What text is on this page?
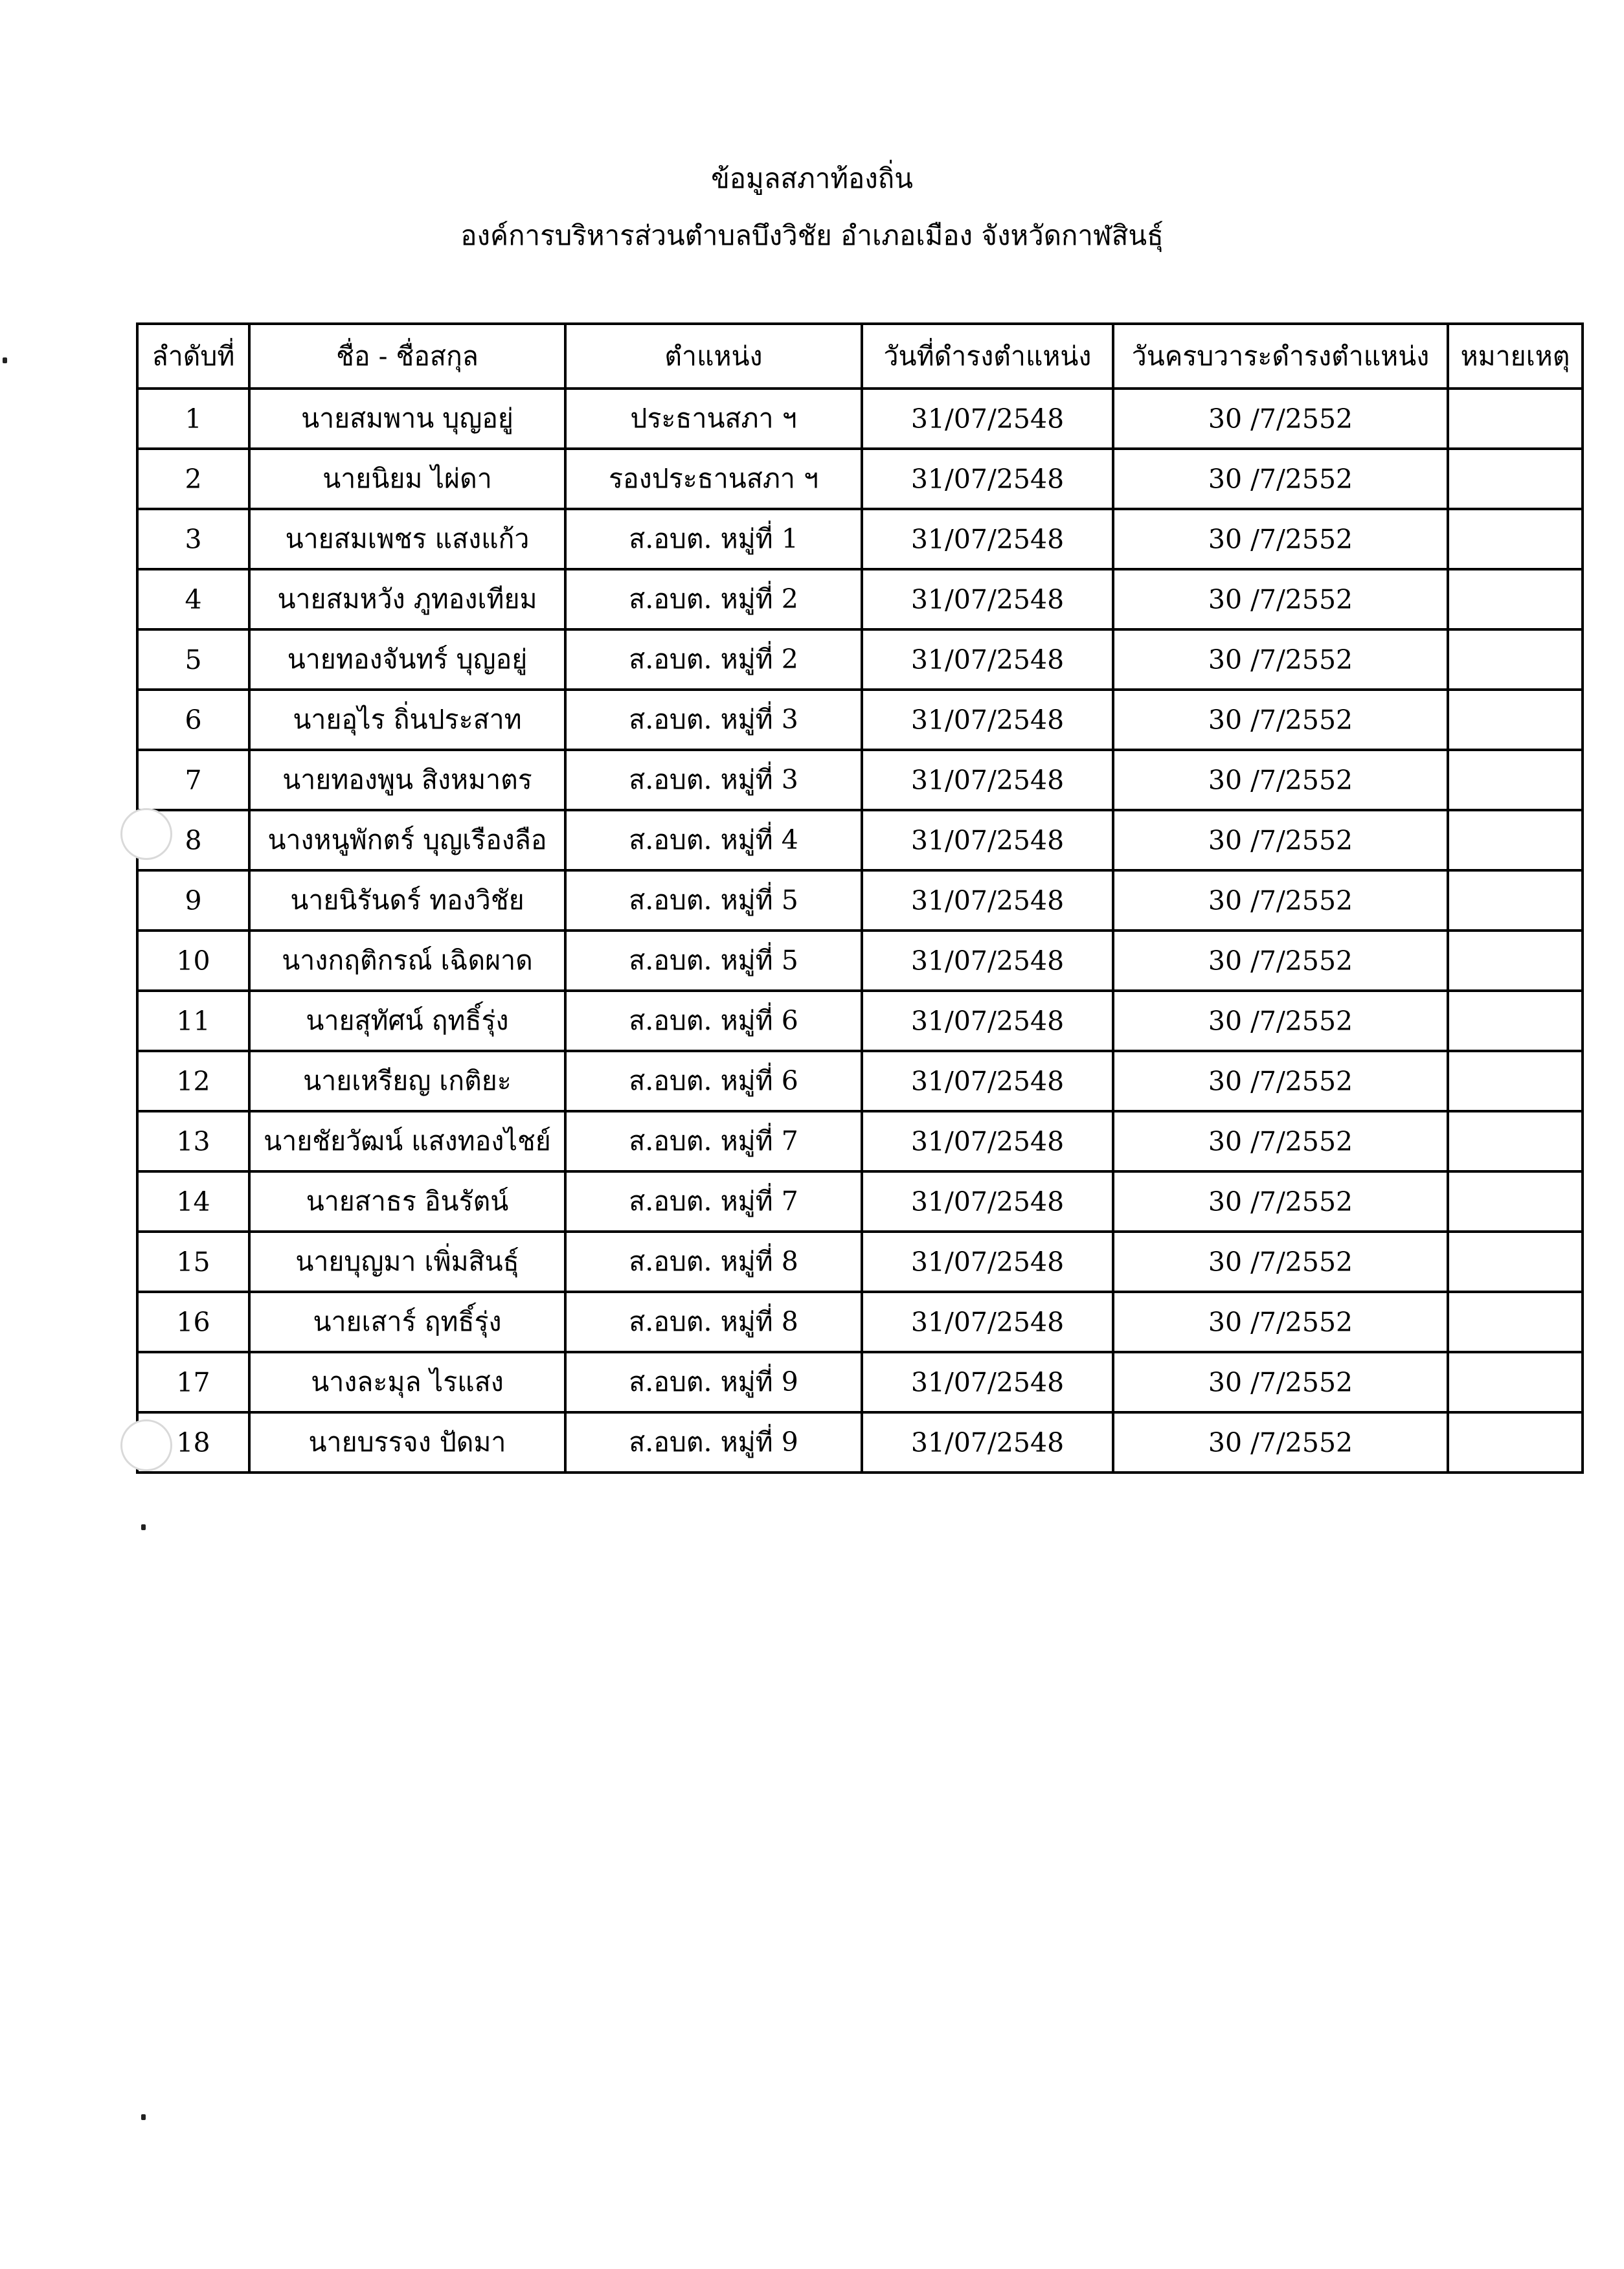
ข้อมูลสภาท้องถิ่น
องค์การบริหารส่วนตำบลบึงวิชัย อำเภอเมือง จังหวัดกาฬสินธุ์
ลำดับที่	ชื่อ - ชื่อสกุล	ตำแหน่ง	วันที่ดำรงตำแหน่ง	วันครบวาระดำรงตำแหน่ง	หมายเหตุ
1	นายสมพาน บุญอยู่	ประธานสภา ฯ	31/07/2548	30 /7/2552	
2	นายนิยม ไผ่ดา	รองประธานสภา ฯ	31/07/2548	30 /7/2552	
3	นายสมเพชร แสงแก้ว	ส.อบต. หมู่ที่ 1	31/07/2548	30 /7/2552	
4	นายสมหวัง ภูทองเทียม	ส.อบต. หมู่ที่ 2	31/07/2548	30 /7/2552	
5	นายทองจันทร์ บุญอยู่	ส.อบต. หมู่ที่ 2	31/07/2548	30 /7/2552	
6	นายอุไร ถิ่นประสาท	ส.อบต. หมู่ที่ 3	31/07/2548	30 /7/2552	
7	นายทองพูน สิงหมาตร	ส.อบต. หมู่ที่ 3	31/07/2548	30 /7/2552	
8	นางหนูพักตร์ บุญเรืองลือ	ส.อบต. หมู่ที่ 4	31/07/2548	30 /7/2552	
9	นายนิรันดร์ ทองวิชัย	ส.อบต. หมู่ที่ 5	31/07/2548	30 /7/2552	
10	นางกฤติกรณ์ เฉิดผาด	ส.อบต. หมู่ที่ 5	31/07/2548	30 /7/2552	
11	นายสุทัศน์ ฤทธิ์รุ่ง	ส.อบต. หมู่ที่ 6	31/07/2548	30 /7/2552	
12	นายเหรียญ เกติยะ	ส.อบต. หมู่ที่ 6	31/07/2548	30 /7/2552	
13	นายชัยวัฒน์ แสงทองไชย์	ส.อบต. หมู่ที่ 7	31/07/2548	30 /7/2552	
14	นายสาธร อินรัตน์	ส.อบต. หมู่ที่ 7	31/07/2548	30 /7/2552	
15	นายบุญมา เพิ่มสินธุ์	ส.อบต. หมู่ที่ 8	31/07/2548	30 /7/2552	
16	นายเสาร์ ฤทธิ์รุ่ง	ส.อบต. หมู่ที่ 8	31/07/2548	30 /7/2552	
17	นางละมุล ไรแสง	ส.อบต. หมู่ที่ 9	31/07/2548	30 /7/2552	
18	นายบรรจง ปัดมา	ส.อบต. หมู่ที่ 9	31/07/2548	30 /7/2552	
